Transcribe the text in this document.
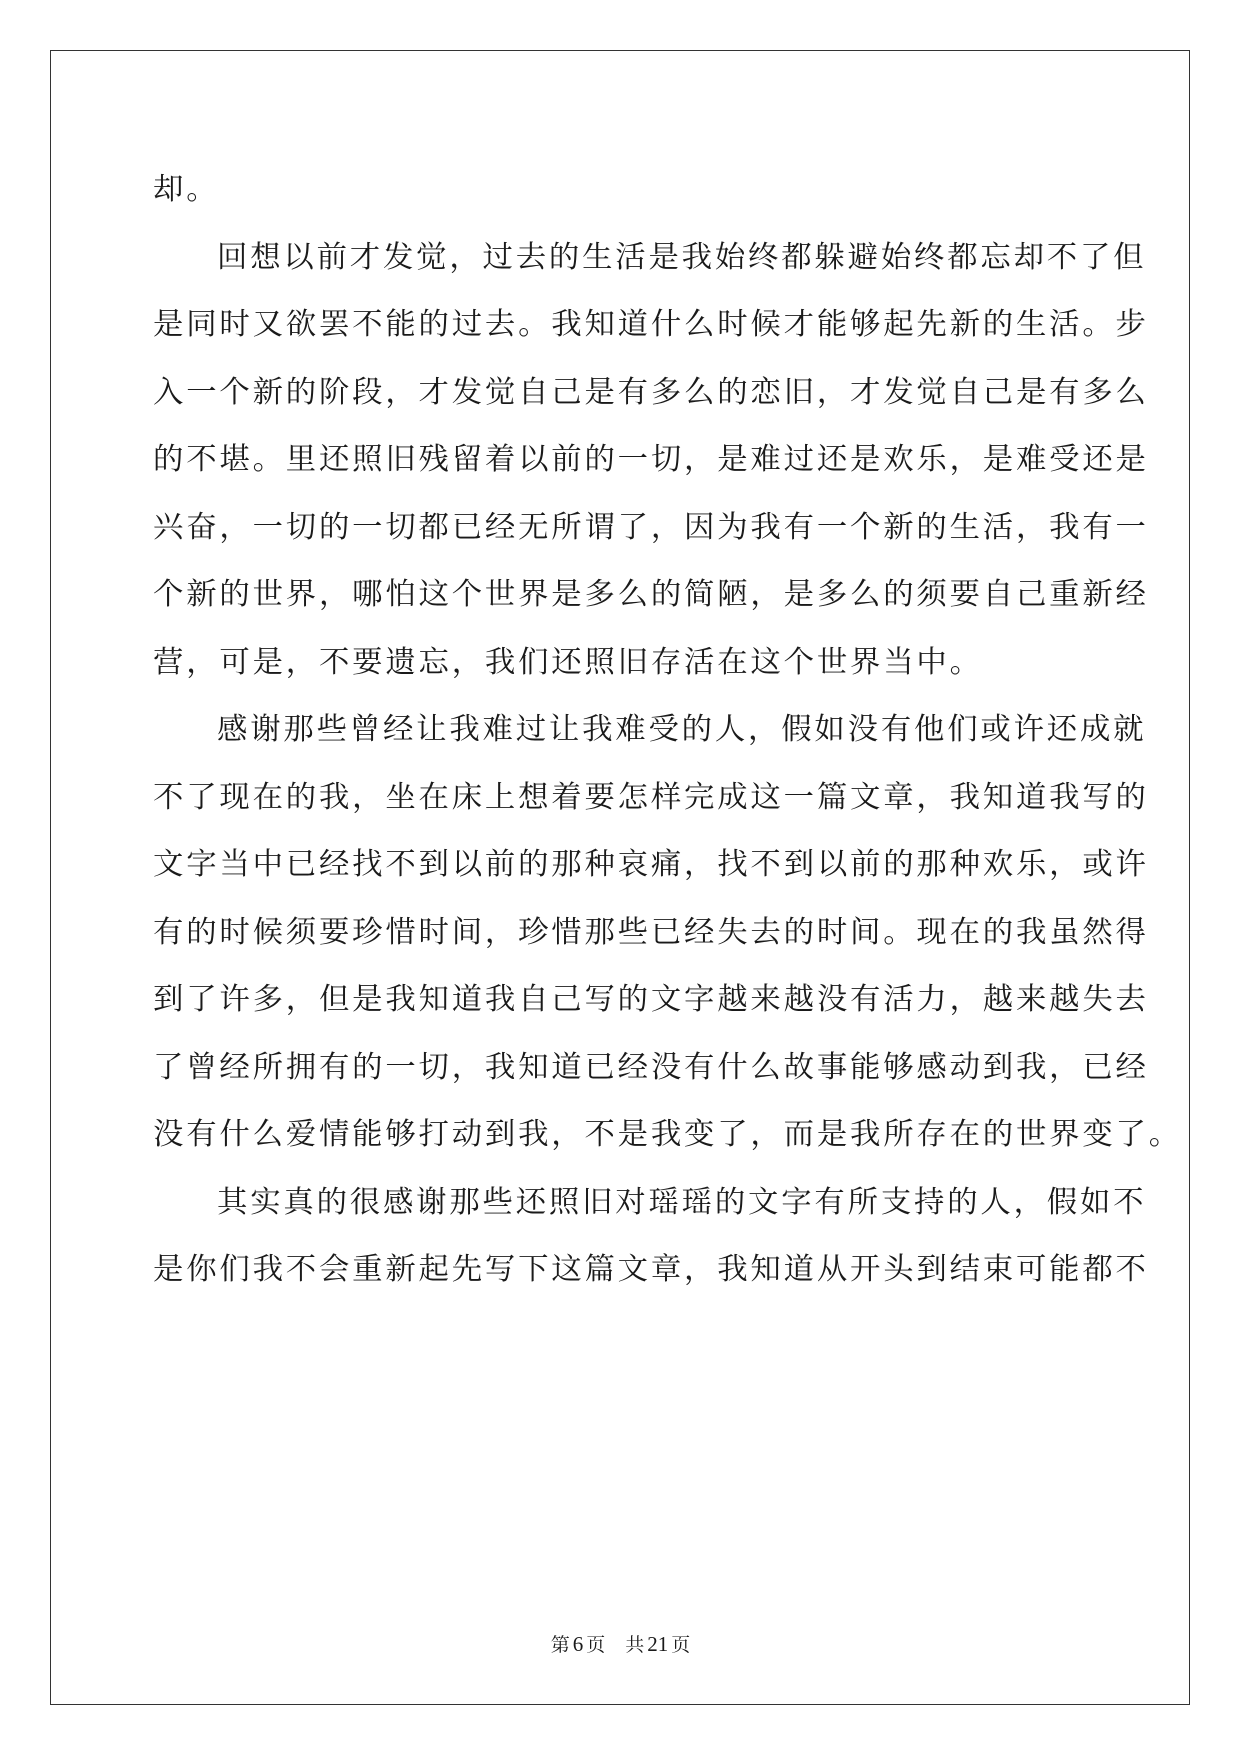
却。
回想以前才发觉，过去的生活是我始终都躲避始终都忘却不了但
是同时又欲罢不能的过去。我知道什么时候才能够起先新的生活。步
入一个新的阶段，才发觉自己是有多么的恋旧，才发觉自己是有多么
的不堪。里还照旧残留着以前的一切，是难过还是欢乐，是难受还是
兴奋，一切的一切都已经无所谓了，因为我有一个新的生活，我有一
个新的世界，哪怕这个世界是多么的简陋，是多么的须要自己重新经
营，可是，不要遗忘，我们还照旧存活在这个世界当中。
感谢那些曾经让我难过让我难受的人，假如没有他们或许还成就
不了现在的我，坐在床上想着要怎样完成这一篇文章，我知道我写的
文字当中已经找不到以前的那种哀痛，找不到以前的那种欢乐，或许
有的时候须要珍惜时间，珍惜那些已经失去的时间。现在的我虽然得
到了许多，但是我知道我自己写的文字越来越没有活力，越来越失去
了曾经所拥有的一切，我知道已经没有什么故事能够感动到我，已经
没有什么爱情能够打动到我，不是我变了，而是我所存在的世界变了。
其实真的很感谢那些还照旧对瑶瑶的文字有所支持的人，假如不
是你们我不会重新起先写下这篇文章，我知道从开头到结束可能都不
第 6 页 共 21 页
